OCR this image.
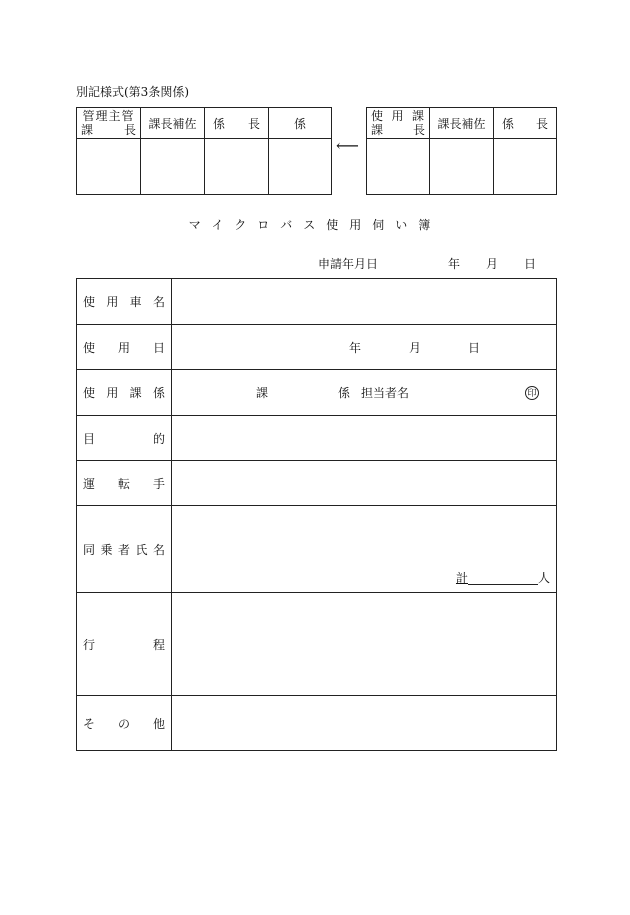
別記様式(第3条関係)
管理主管
課 長	課長補佐	係 長	係

⟵
使 用 課
課 長	課長補佐	係 長

マイクロバス使用伺い簿
申請年月日	年 月 日
使 用 車 名	

使 用 日	年 月 日

使 用 課 係	課 係 担当者名 印

目 的	

運 転 手	

同 乗 者 氏 名	計 人

行 程	

そ の 他	
